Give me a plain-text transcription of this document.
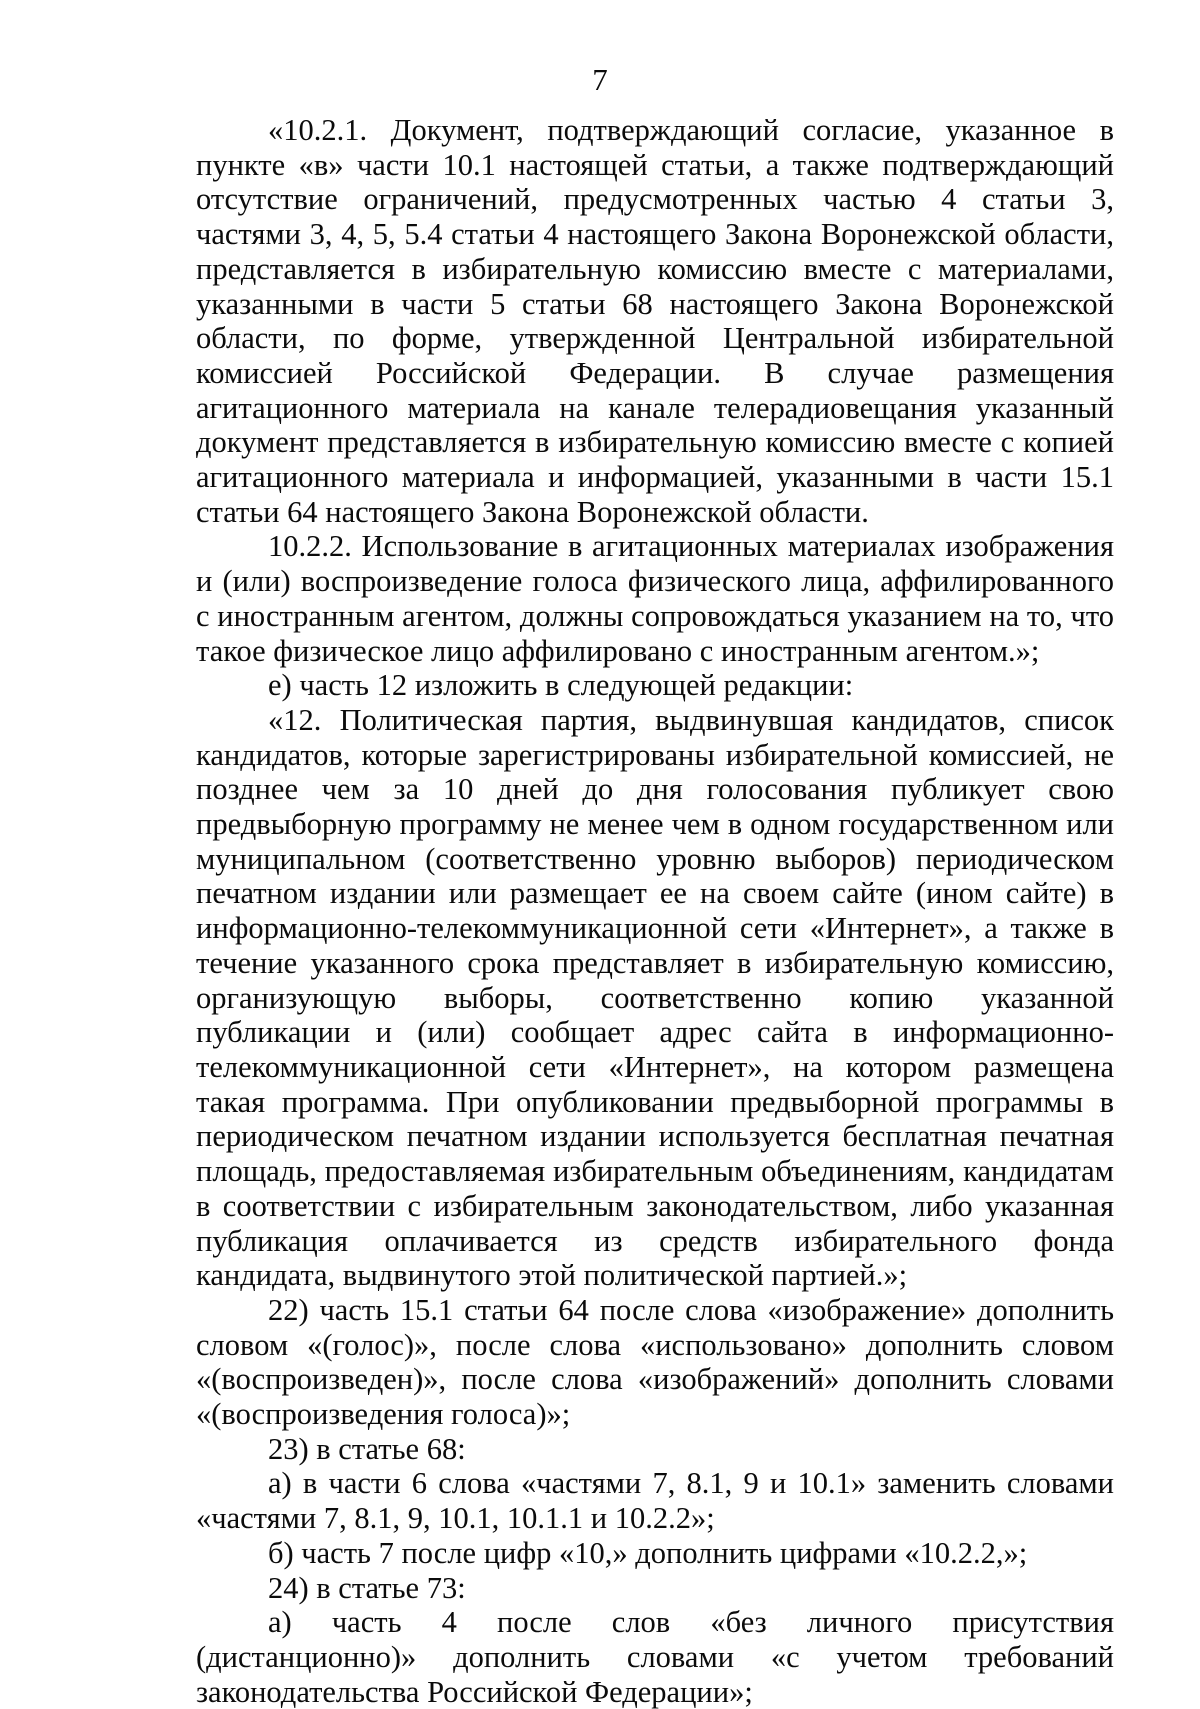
7

«10.2.1. Документ, подтверждающий согласие, указанное в пункте «в» части 10.1 настоящей статьи, а также подтверждающий отсутствие ограничений, предусмотренных частью 4 статьи 3, частями 3, 4, 5, 5.4 статьи 4 настоящего Закона Воронежской области, представляется в избирательную комиссию вместе с материалами, указанными в части 5 статьи 68 настоящего Закона Воронежской области, по форме, утвержденной Центральной избирательной комиссией Российской Федерации. В случае размещения агитационного материала на канале телерадиовещания указанный документ представляется в избирательную комиссию вместе с копией агитационного материала и информацией, указанными в части 15.1 статьи 64 настоящего Закона Воронежской области.

10.2.2. Использование в агитационных материалах изображения и (или) воспроизведение голоса физического лица, аффилированного с иностранным агентом, должны сопровождаться указанием на то, что такое физическое лицо аффилировано с иностранным агентом.»;

е) часть 12 изложить в следующей редакции:

«12. Политическая партия, выдвинувшая кандидатов, список кандидатов, которые зарегистрированы избирательной комиссией, не позднее чем за 10 дней до дня голосования публикует свою предвыборную программу не менее чем в одном государственном или муниципальном (соответственно уровню выборов) периодическом печатном издании или размещает ее на своем сайте (ином сайте) в информационно-телекоммуникационной сети «Интернет», а также в течение указанного срока представляет в избирательную комиссию, организующую выборы, соответственно копию указанной публикации и (или) сообщает адрес сайта в информационно-телекоммуникационной сети «Интернет», на котором размещена такая программа. При опубликовании предвыборной программы в периодическом печатном издании используется бесплатная печатная площадь, предоставляемая избирательным объединениям, кандидатам в соответствии с избирательным законодательством, либо указанная публикация оплачивается из средств избирательного фонда кандидата, выдвинутого этой политической партией.»;

22) часть 15.1 статьи 64 после слова «изображение» дополнить словом «(голос)», после слова «использовано» дополнить словом «(воспроизведен)», после слова «изображений» дополнить словами «(воспроизведения голоса)»;

23) в статье 68:

а) в части 6 слова «частями 7, 8.1, 9 и 10.1» заменить словами «частями 7, 8.1, 9, 10.1, 10.1.1 и 10.2.2»;

б) часть 7 после цифр «10,» дополнить цифрами «10.2.2,»;

24) в статье 73:

а) часть 4 после слов «без личного присутствия (дистанционно)» дополнить словами «с учетом требований законодательства Российской Федерации»;
